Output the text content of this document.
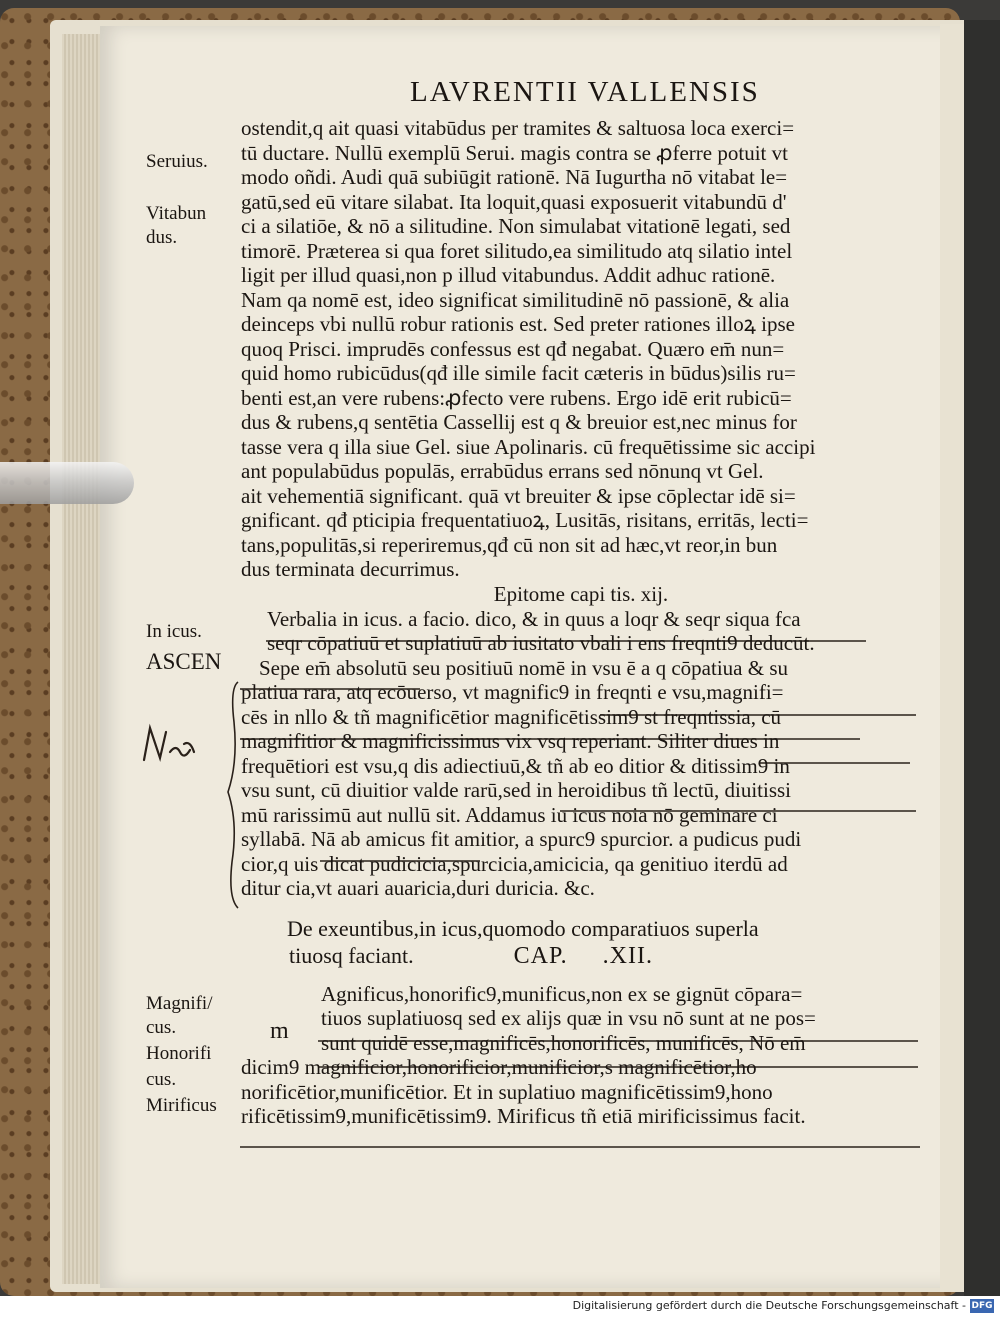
LAVRENTII VALLENSIS
Seruius.
Vitabun
dus.
In icus.
ASCEN
Magnifi/
cus.
Honorifi
cus.
Mirificus
m
ostendit,q ait quasi vitabūdus per tramites & saltuosa loca exerci=
tū ductare. Nullū exemplū Serui. magis contra se ꝓferre potuit vt
modo oñdi. Audi quā subiūgit rationē. Nā Iugurtha nō vitabat le=
gatū,sed eū vitare silabat. Ita loquit,quasi exposuerit vitabundū d'
ci a silatiōe, & nō a silitudine. Non simulabat vitationē legati, sed
timorē. Præterea si qua foret silitudo,ea similitudo atq silatio intel
ligit per illud quasi,non p illud vitabundus. Addit adhuc rationē.
Nam qa nomē est, ideo significat similitudinē nō passionē, & alia
deinceps vbi nullū robur rationis est. Sed preter rationes illoꝝ ipse
quoq Prisci. imprudēs confessus est qđ negabat. Quæro em̄ nun=
quid homo rubicūdus(qđ ille simile facit cæteris in būdus)silis ru=
benti est,an vere rubens:ꝓfecto vere rubens. Ergo idē erit rubicū=
dus & rubens,q sentētia Cassellij est q & breuior est,nec minus for
tasse vera q illa siue Gel. siue Apolinaris. cū frequētissime sic accipi
ant populabūdus populās, errabūdus errans sed nōnunq vt Gel.
ait vehementiā significant. quā vt breuiter & ipse cōplectar idē si=
gnificant. qđ pticipia frequentatiuoꝝ, Lusitās, risitans, erritās, lecti=
tans,populitās,si reperiremus,qđ cū non sit ad hæc,vt reor,in bun
dus terminata decurrimus.
Epitome capi tis. xij.
Verbalia in icus. a facio. dico, & in quus a loqr & seqr siqua fca
seqr cōpatiuū et suplatiuū ab iusitato vbali i ens freqnti9 deducūt.
Sepe em̄ absolutū seu positiuū nomē in vsu ē a q cōpatiua & su
platiua rara, atq ecōuerso, vt magnific9 in freqnti e vsu,magnifi=
cēs in nllo & tñ magnificētior magnificētissim9 st freqntissia, cū
magnifitior & magnificissimus vix vsq reperiant. Siliter diues in
frequētiori est vsu,q dis adiectiuū,& tñ ab eo ditior & ditissim9 in
vsu sunt, cū diuitior valde rarū,sed in heroidibus tñ lectū, diuitissi
mū rarissimū aut nullū sit. Addamus iu icus noia nō geminare ci
syllabā. Nā ab amicus fit amitior, a spurc9 spurcior. a pudicus pudi
cior,q uis dicat pudicicia,spurcicia,amicicia, qa genitiuo iterdū ad
ditur cia,vt auari auaricia,duri duricia. &c.
De exeuntibus,in icus,quomodo comparatiuos superla
tiuosq faciant.	CAP. .XII.
Agnificus,honorific9,munificus,non ex se gignūt cōpara=
tiuos suplatiuosq sed ex alijs quæ in vsu nō sunt at ne pos=
sunt quidē esse,magnificēs,honorificēs, munificēs, Nō em̄
dicim9 magnificior,honorificior,munificior,s magnificētior,ho
norificētior,munificētior. Et in suplatiuo magnificētissim9,hono
rificētissim9,munificētissim9. Mirificus tñ etiā mirificissimus facit.
Digitalisierung gefördert durch die Deutsche Forschungsgemeinschaft - DFG
